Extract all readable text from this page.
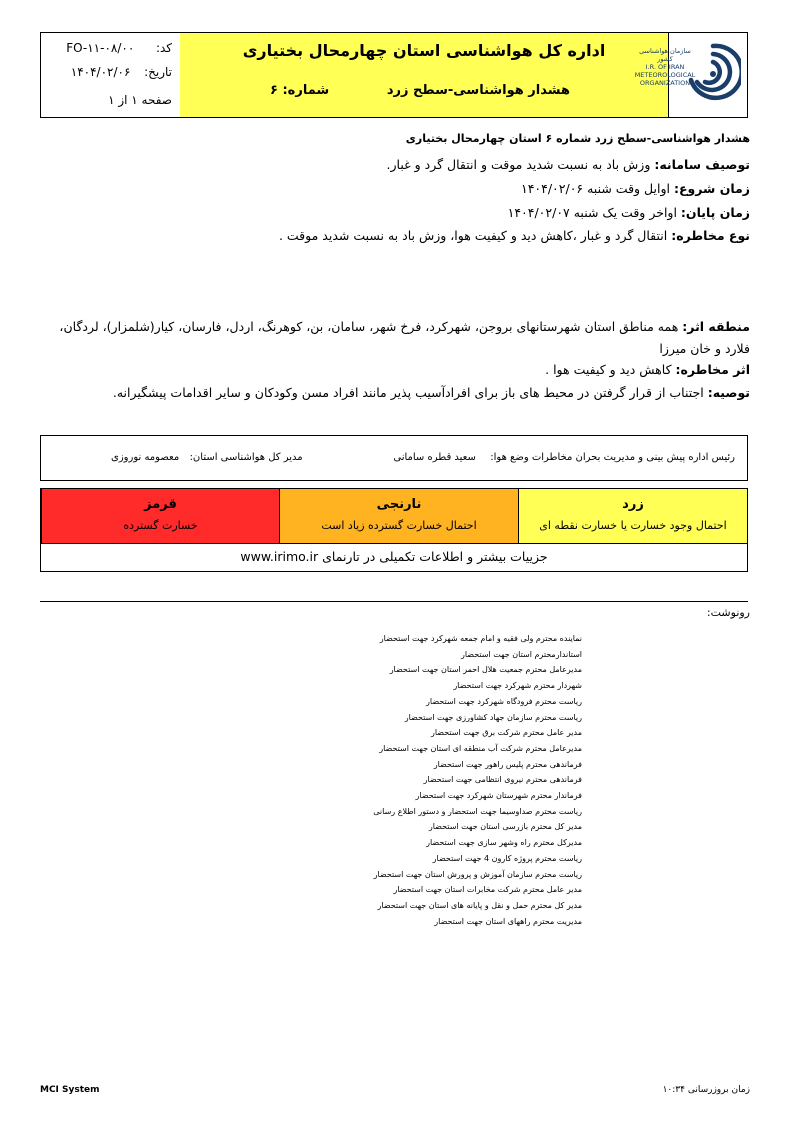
کد:  FO-۱۱-۰۸/۰۰
تاریخ:  ۱۴۰۴/۰۲/۰۶
صفحه ۱ از ۱
اداره کل هواشناسی استان چهارمحال بختیاری
هشدار هواشناسی-سطح زرد
شماره: ۶
سازمان هواشناسی کشور
I.R. OF IRAN
METEOROLOGICAL
ORGANIZATION
هشدار هواشناسی-سطح زرد شماره ۶ استان چهارمحال بختیاری
توصیف سامانه: وزش باد به نسبت شدید موقت و انتقال گرد و غبار.
زمان شروع: اوایل وقت شنبه ۱۴۰۴/۰۲/۰۶
زمان پایان: اواخر وقت یک شنبه ۱۴۰۴/۰۲/۰۷
نوع مخاطره: انتقال گرد و غبار ،کاهش دید و کیفیت هوا، وزش باد به نسبت شدید موقت .
منطقه اثر: همه مناطق استان شهرستانهای بروجن، شهرکرد، فرخ شهر، سامان، بن، کوهرنگ، اردل، فارسان، کیار(شلمزار)، لردگان، فلارد و خان میرزا
اثر مخاطره: کاهش دید و کیفیت هوا .
توصیه: اجتناب از قرار گرفتن در محیط های باز برای افرادآسیب پذیر مانند افراد مسن وکودکان و سایر اقدامات پیشگیرانه.
رئیس اداره پیش بینی و مدیریت بحران مخاطرات وضع هوا:  سعید قطره سامانی
مدیر کل هواشناسی استان:  معصومه نوروزی
قرمز
خسارت گسترده
نارنجی
احتمال خسارت گسترده زیاد است
زرد
احتمال وجود خسارت یا خسارت نقطه ای
جزییات بیشتر و اطلاعات تکمیلی در تارنمای www.irimo.ir
رونوشت:
نماینده محترم ولی فقیه و امام جمعه شهرکرد جهت استحضار
استاندارمحترم استان جهت استحضار
مدیرعامل محترم جمعیت هلال احمر استان جهت استحضار
شهردار محترم شهرکرد جهت استحضار
ریاست محترم فرودگاه شهرکرد جهت استحضار
ریاست محترم سازمان جهاد کشاورزی جهت استحضار
مدیر عامل محترم شرکت برق جهت استحضار
مدیرعامل محترم شرکت آب منطقه ای استان جهت استحضار
فرماندهی محترم پلیس راهور جهت استحضار
فرماندهی محترم نیروی انتظامی جهت استحضار
فرماندار محترم شهرستان شهرکرد جهت استحضار
ریاست محترم صداوسیما جهت استحضار و دستور اطلاع رسانی
مدیر کل محترم بازرسی استان جهت استحضار
مدیرکل محترم راه وشهر سازی جهت استحضار
ریاست محترم پروژه کارون 4 جهت استحضار
ریاست محترم سازمان آموزش و پرورش استان جهت استحضار
مدیر عامل محترم شرکت مخابرات استان جهت استحضار
مدیر کل محترم حمل و نقل و پایانه های استان جهت استحضار
مدیریت محترم راههای استان جهت استحضار
MCI System	زمان بروزرسانی ۱۰:۳۴
